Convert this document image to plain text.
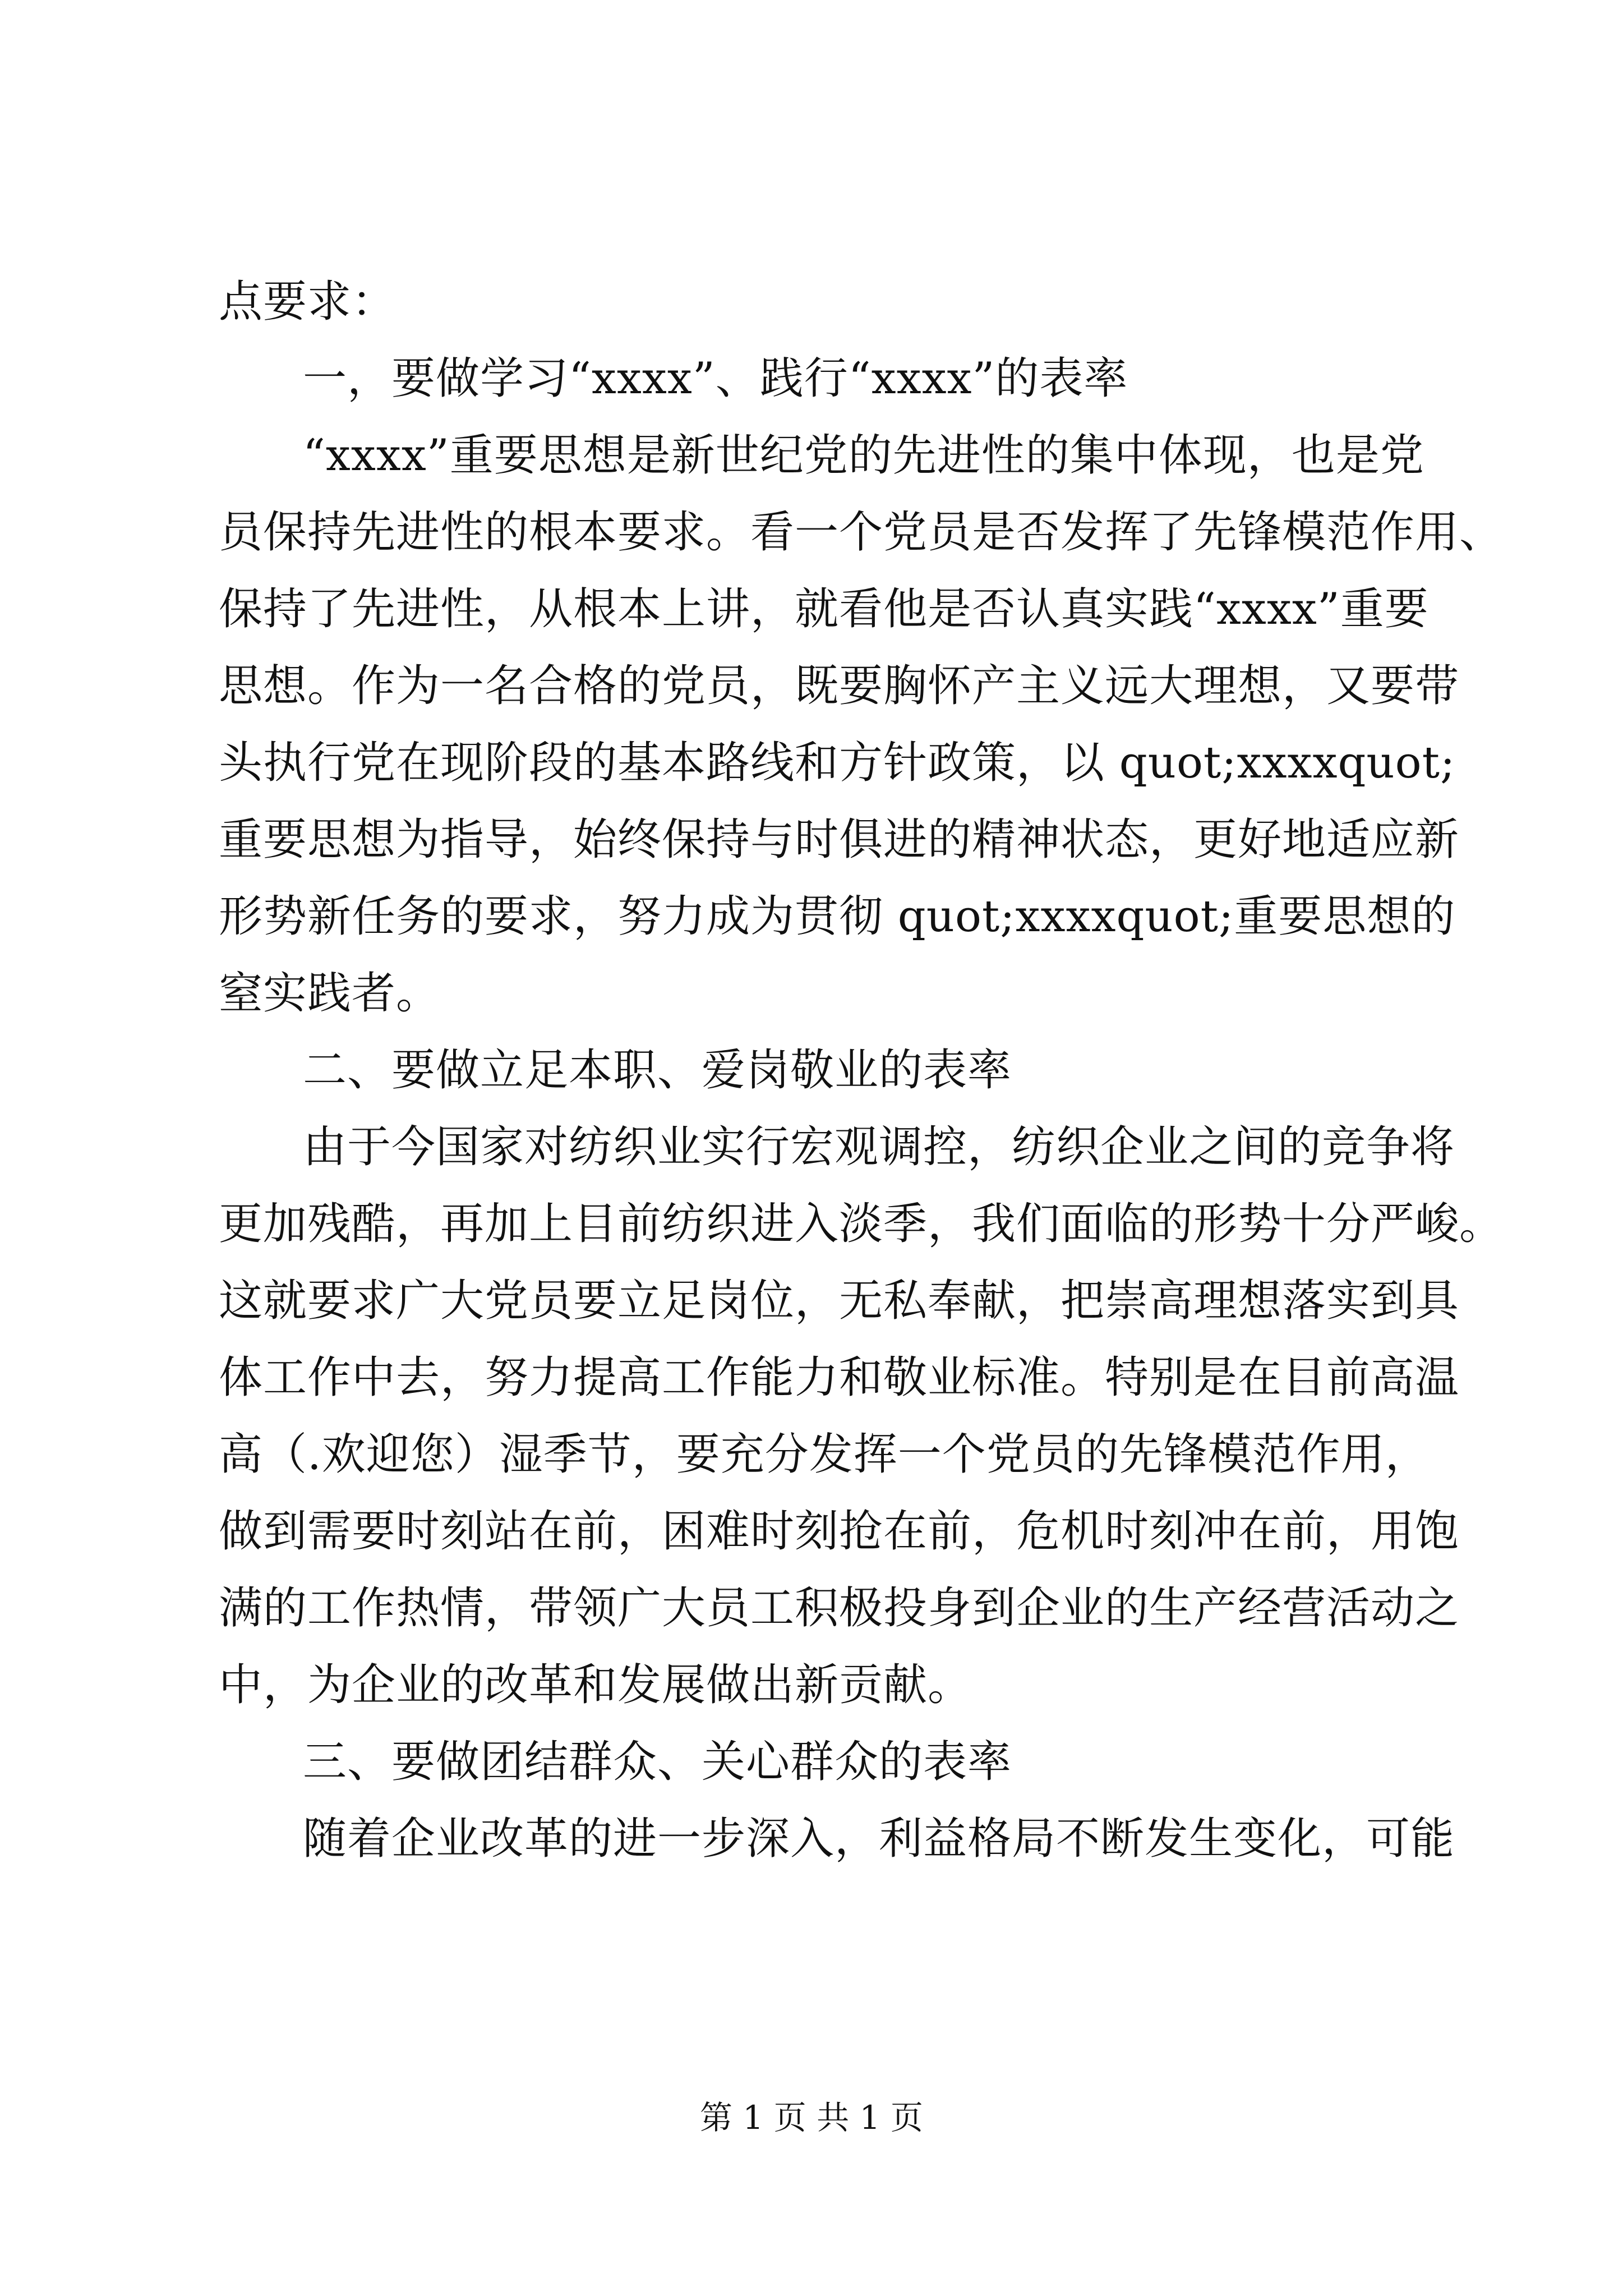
点要求：
一，要做学习“xxxx”、践行“xxxx”的表率
“xxxx”重要思想是新世纪党的先进性的集中体现，也是党
员保持先进性的根本要求。看一个党员是否发挥了先锋模范作用、
保持了先进性，从根本上讲，就看他是否认真实践“xxxx”重要
思想。作为一名合格的党员，既要胸怀产主义远大理想，又要带
头执行党在现阶段的基本路线和方针政策，以 quot;xxxxquot;
重要思想为指导，始终保持与时俱进的精神状态，更好地适应新
形势新任务的要求，努力成为贯彻 quot;xxxxquot;重要思想的
窒实践者。
二、要做立足本职、爱岗敬业的表率
由于今国家对纺织业实行宏观调控，纺织企业之间的竞争将
更加残酷，再加上目前纺织进入淡季，我们面临的形势十分严峻。
这就要求广大党员要立足岗位，无私奉献，把崇高理想落实到具
体工作中去，努力提高工作能力和敬业标准。特别是在目前高温
高（.欢迎您）湿季节，要充分发挥一个党员的先锋模范作用，
做到需要时刻站在前，困难时刻抢在前，危机时刻冲在前，用饱
满的工作热情，带领广大员工积极投身到企业的生产经营活动之
中，为企业的改革和发展做出新贡献。
三、要做团结群众、关心群众的表率
随着企业改革的进一步深入，利益格局不断发生变化，可能
第 1 页 共 1 页
